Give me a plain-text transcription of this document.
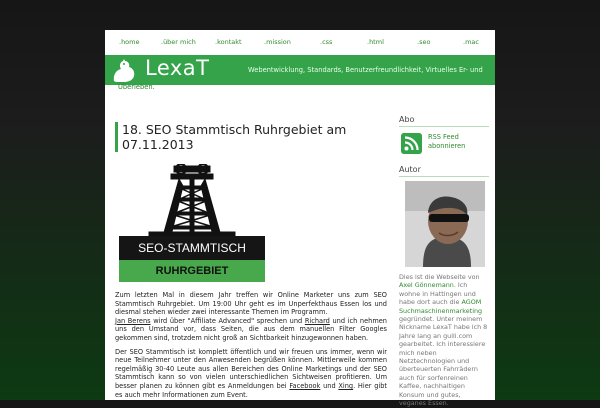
.home	.über mich	.kontakt	.mission	.css	.html	.seo	.mac
LexaT	Webentwicklung, Standards, Benutzerfreundlichkeit, Virtuelles Er- und
Überleben.
18. SEO Stammtisch Ruhrgebiet am 07.11.2013
SEO-STAMMTISCH
RUHRGEBIET

Zum letzten Mal in diesem Jahr treffen wir Online Marketer uns zum SEO Stammtisch Ruhrgebiet. Um 19:00 Uhr geht es im Unperfekthaus Essen los und diesmal stehen wieder zwei interessante Themen im Programm.
Jan Berens wird über "Affiliate Advanced" sprechen und Richard und ich nehmen uns den Umstand vor, dass Seiten, die aus dem manuellen Filter Googles gekommen sind, trotzdem nicht groß an Sichtbarkeit hinzugewonnen haben.

Der SEO Stammtisch ist komplett öffentlich und wir freuen uns immer, wenn wir neue Teilnehmer unter den Anwesenden begrüßen können. Mittlerweile kommen regelmäßig 30-40 Leute aus allen Bereichen des Online Marketings und der SEO Stammtisch kann so von vielen unterschiedlichen Sichtweisen profitieren. Um besser planen zu können gibt es Anmeldungen bei Facebook und Xing. Hier gibt es auch mehr Informationen zum Event.

Abo
RSS Feed
abonnieren
Autor
Dies ist die Webseite von Axel Gönnemann. Ich wohne in Hattingen und habe dort auch die AGOM Suchmaschinenmarketing gegründet. Unter meinem Nickname LexaT habe ich 8 Jahre lang an gulli.com gearbeitet. Ich interessiere mich neben Netztechnologien und überteuerten Fahrrädern auch für sorfenreinen Kaffee, nachhaltigen Konsum und gutes, veganes Essen.
